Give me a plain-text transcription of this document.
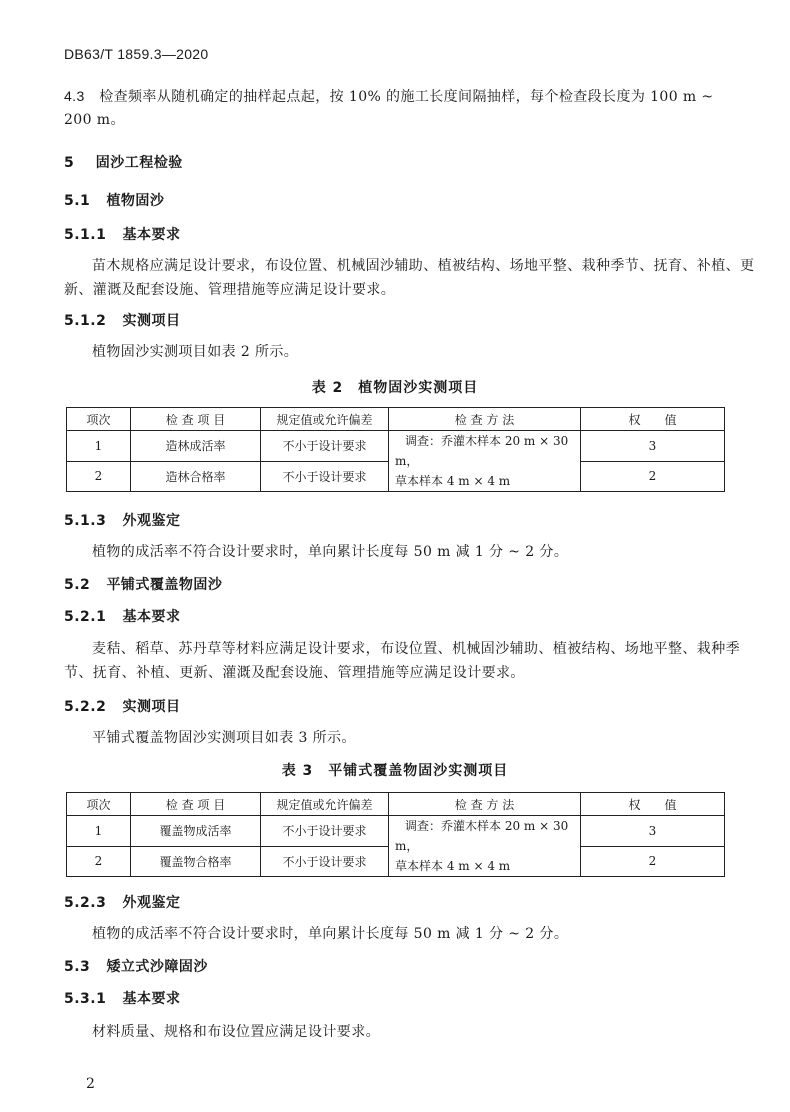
DB63/T 1859.3—2020
4.3 检查频率从随机确定的抽样起点起，按 10% 的施工长度间隔抽样，每个检查段长度为 100 m ~
200 m。
5 固沙工程检验
5.1 植物固沙
5.1.1 基本要求
苗木规格应满足设计要求，布设位置、机械固沙辅助、植被结构、场地平整、栽种季节、抚育、补植、更
新、灌溉及配套设施、管理措施等应满足设计要求。
5.1.2 实测项目
植物固沙实测项目如表 2 所示。
表 2　植物固沙实测项目
项次	检 查 项 目	规定值或允许偏差	检 查 方 法	权　　值
1	造林成活率	不小于设计要求	调查：乔灌木样本 20 m × 30 m，
草本样本 4 m × 4 m	3
2	造林合格率	不小于设计要求		2
5.1.3 外观鉴定
植物的成活率不符合设计要求时，单向累计长度每 50 m 减 1 分 ~ 2 分。
5.2 平铺式覆盖物固沙
5.2.1 基本要求
麦秸、稻草、苏丹草等材料应满足设计要求，布设位置、机械固沙辅助、植被结构、场地平整、栽种季
节、抚育、补植、更新、灌溉及配套设施、管理措施等应满足设计要求。
5.2.2 实测项目
平铺式覆盖物固沙实测项目如表 3 所示。
表 3　平铺式覆盖物固沙实测项目
项次	检 查 项 目	规定值或允许偏差	检 查 方 法	权　　值
1	覆盖物成活率	不小于设计要求	调查：乔灌木样本 20 m × 30 m，
草本样本 4 m × 4 m	3
2	覆盖物合格率	不小于设计要求		2
5.2.3 外观鉴定
植物的成活率不符合设计要求时，单向累计长度每 50 m 减 1 分 ~ 2 分。
5.3 矮立式沙障固沙
5.3.1 基本要求
材料质量、规格和布设位置应满足设计要求。
2
